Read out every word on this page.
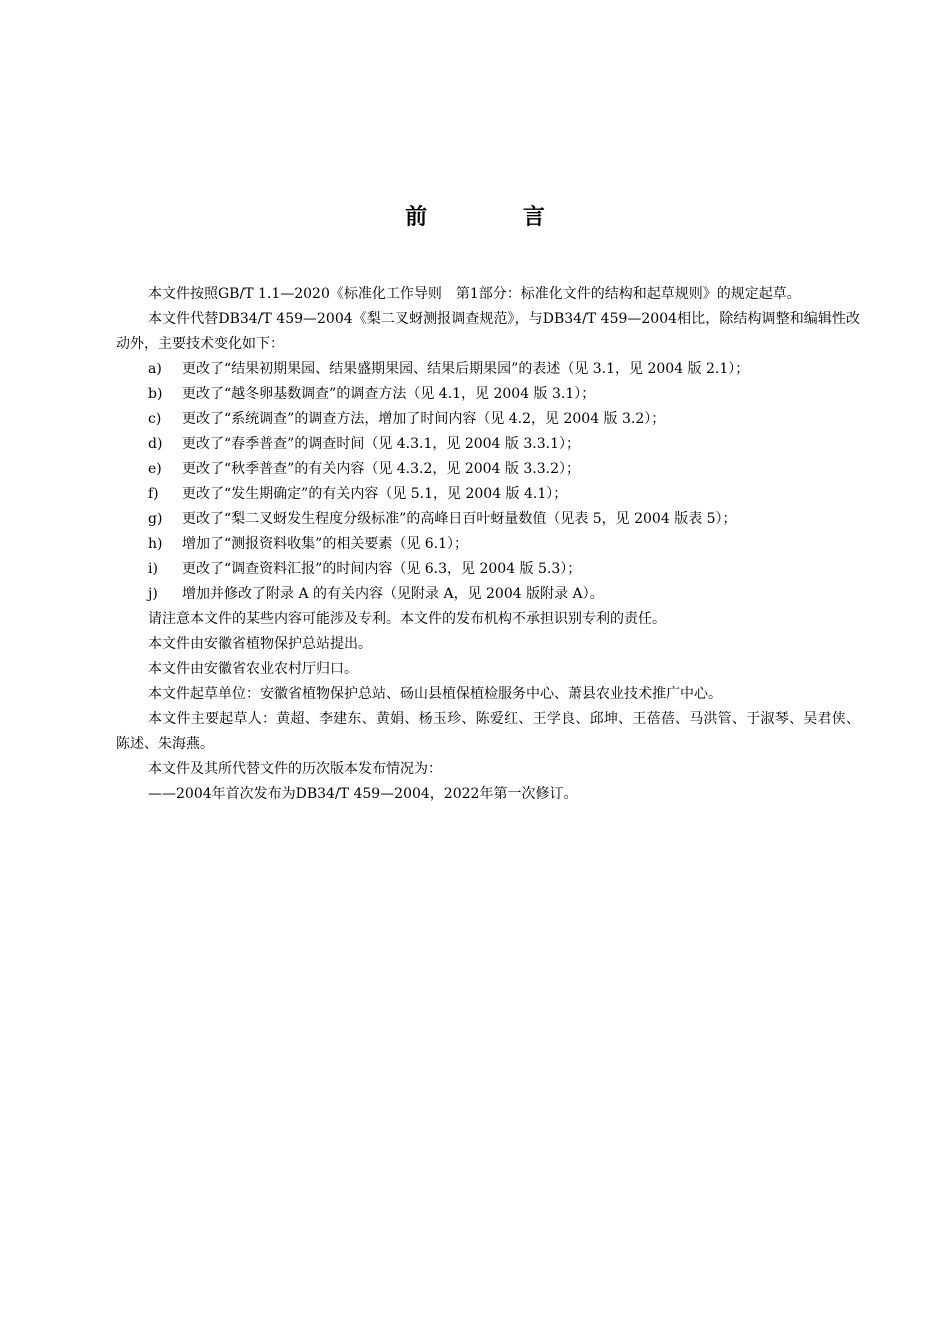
前 言

本文件按照GB/T 1.1—2020《标准化工作导则　第1部分：标准化文件的结构和起草规则》的规定起草。

本文件代替DB34/T 459—2004《梨二叉蚜测报调查规范》，与DB34/T 459—2004相比，除结构调整和编辑性改动外，主要技术变化如下：

a)	更改了“结果初期果园、结果盛期果园、结果后期果园”的表述（见 3.1，见 2004 版 2.1）；
b)	更改了“越冬卵基数调查”的调查方法（见 4.1，见 2004 版 3.1）；
c)	更改了“系统调查”的调查方法，增加了时间内容（见 4.2，见 2004 版 3.2）；
d)	更改了“春季普查”的调查时间（见 4.3.1，见 2004 版 3.3.1）；
e)	更改了“秋季普查”的有关内容（见 4.3.2，见 2004 版 3.3.2）；
f)	更改了“发生期确定”的有关内容（见 5.1，见 2004 版 4.1）；
g)	更改了“梨二叉蚜发生程度分级标准”的高峰日百叶蚜量数值（见表 5，见 2004 版表 5）；
h)	增加了“测报资料收集”的相关要素（见 6.1）；
i)	更改了“调查资料汇报”的时间内容（见 6.3，见 2004 版 5.3）；
j)	增加并修改了附录 A 的有关内容（见附录 A，见 2004 版附录 A）。

请注意本文件的某些内容可能涉及专利。本文件的发布机构不承担识别专利的责任。

本文件由安徽省植物保护总站提出。

本文件由安徽省农业农村厅归口。

本文件起草单位：安徽省植物保护总站、砀山县植保植检服务中心、萧县农业技术推广中心。

本文件主要起草人：黄超、李建东、黄娟、杨玉珍、陈爱红、王学良、邱坤、王蓓蓓、马洪管、于淑琴、吴君侠、陈述、朱海燕。

本文件及其所代替文件的历次版本发布情况为：

——2004年首次发布为DB34/T 459—2004，2022年第一次修订。
